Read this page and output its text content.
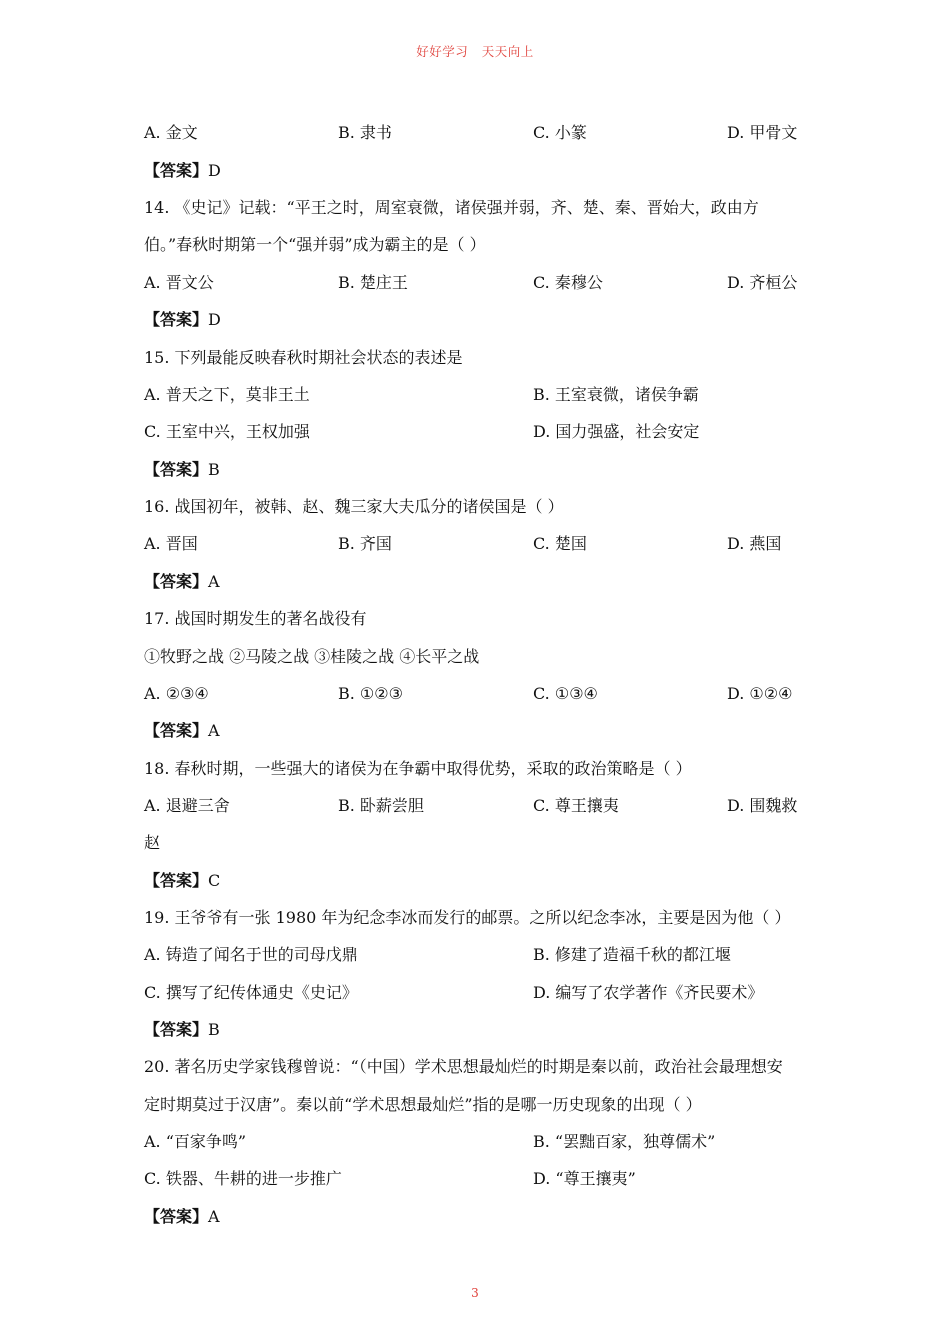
好好学习   天天向上
A. 金文	B. 隶书	C. 小篆	D. 甲骨文
【答案】D
14. 《史记》记载：“平王之时，周室衰微，诸侯强并弱，齐、楚、秦、晋始大，政由方
伯。”春秋时期第一个“强并弱”成为霸主的是（ ）
A. 晋文公	B. 楚庄王	C. 秦穆公	D. 齐桓公
【答案】D
15. 下列最能反映春秋时期社会状态的表述是
A. 普天之下，莫非王土	B. 王室衰微，诸侯争霸
C. 王室中兴，王权加强	D. 国力强盛，社会安定
【答案】B
16. 战国初年，被韩、赵、魏三家大夫瓜分的诸侯国是（ ）
A. 晋国	B. 齐国	C. 楚国	D. 燕国
【答案】A
17. 战国时期发生的著名战役有
①牧野之战 ②马陵之战 ③桂陵之战 ④长平之战
A. ②③④	B. ①②③	C. ①③④	D. ①②④
【答案】A
18. 春秋时期，一些强大的诸侯为在争霸中取得优势，采取的政治策略是（ ）
A. 退避三舍	B. 卧薪尝胆	C. 尊王攘夷	D. 围魏救
赵
【答案】C
19. 王爷爷有一张 1980 年为纪念李冰而发行的邮票。之所以纪念李冰，主要是因为他（ ）
A. 铸造了闻名于世的司母戊鼎	B. 修建了造福千秋的都江堰
C. 撰写了纪传体通史《史记》	D. 编写了农学著作《齐民要术》
【答案】B
20. 著名历史学家钱穆曾说：“（中国）学术思想最灿烂的时期是秦以前，政治社会最理想安
定时期莫过于汉唐”。秦以前“学术思想最灿烂”指的是哪一历史现象的出现（ ）
A. “百家争鸣”	B. “罢黜百家，独尊儒术”
C. 铁器、牛耕的进一步推广	D. “尊王攘夷”
【答案】A
3
